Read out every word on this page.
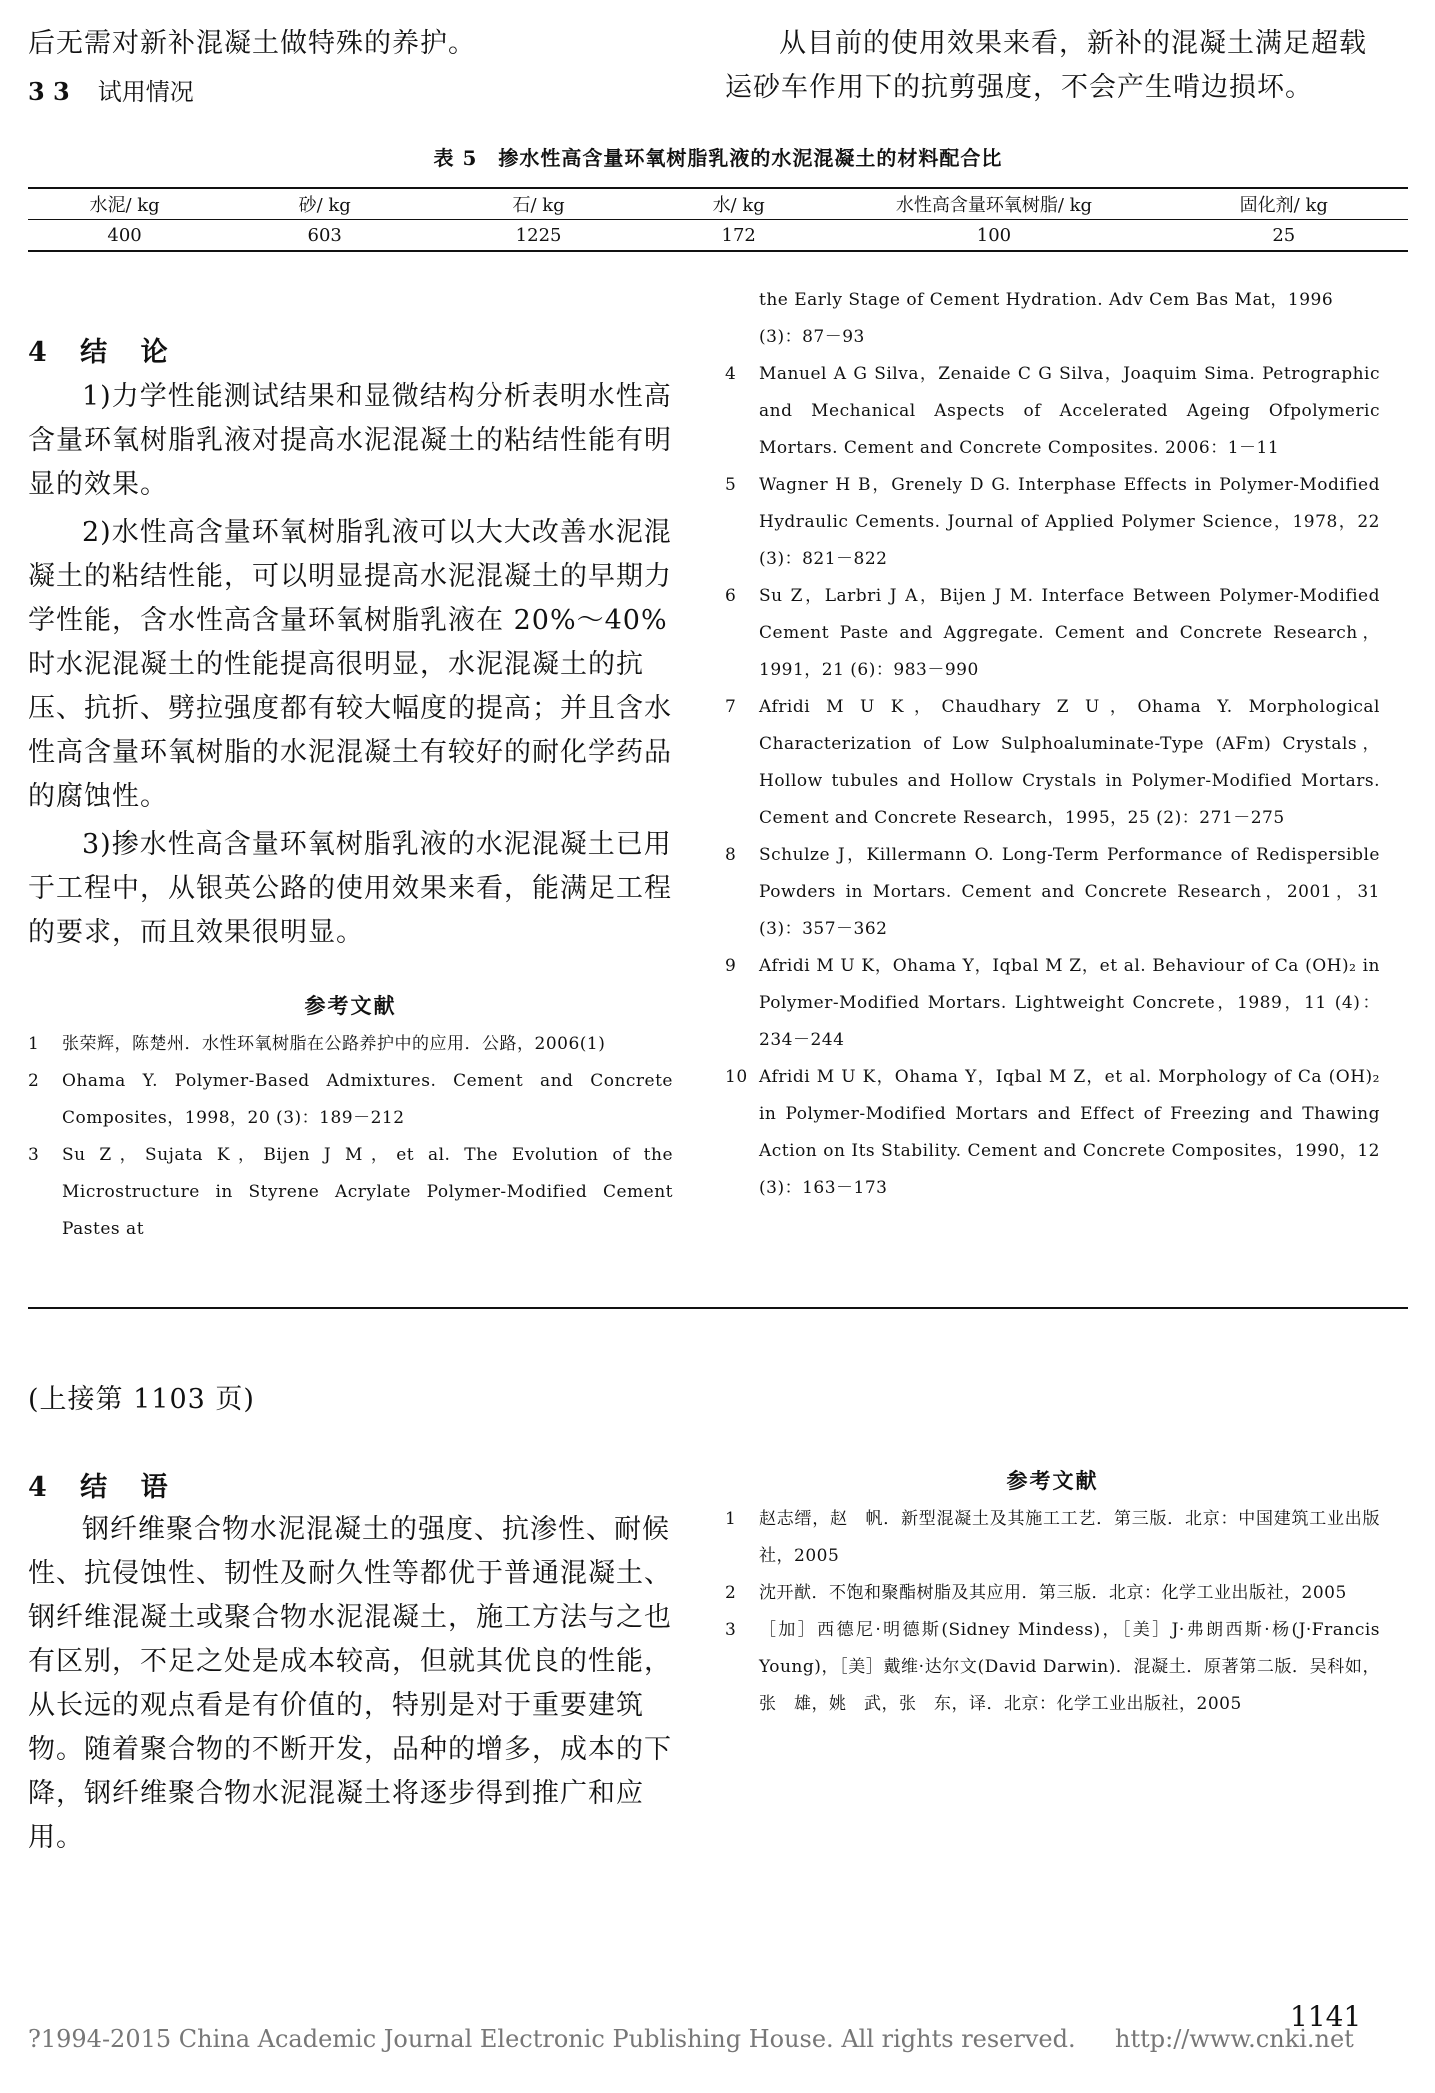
后无需对新补混凝土做特殊的养护。
3 3 试用情况
从目前的使用效果来看，新补的混凝土满足超载运砂车作用下的抗剪强度，不会产生啃边损坏。
表 5　掺水性高含量环氧树脂乳液的水泥混凝土的材料配合比
水泥/ kg	砂/ kg	石/ kg	水/ kg	水性高含量环氧树脂/ kg	固化剂/ kg
400	603	1225	172	100	25
4 结 论
1)力学性能测试结果和显微结构分析表明水性高含量环氧树脂乳液对提高水泥混凝土的粘结性能有明显的效果。
2)水性高含量环氧树脂乳液可以大大改善水泥混凝土的粘结性能，可以明显提高水泥混凝土的早期力学性能，含水性高含量环氧树脂乳液在 20%～40%时水泥混凝土的性能提高很明显，水泥混凝土的抗压、抗折、劈拉强度都有较大幅度的提高；并且含水性高含量环氧树脂的水泥混凝土有较好的耐化学药品的腐蚀性。
3)掺水性高含量环氧树脂乳液的水泥混凝土已用于工程中，从银英公路的使用效果来看，能满足工程的要求，而且效果很明显。
参考文献
1 张荣辉，陈楚州．水性环氧树脂在公路养护中的应用．公路，2006(1)
2 Ohama Y. Polymer-Based Admixtures. Cement and Concrete Composites，1998，20 (3)：189－212
3 Su Z，Sujata K，Bijen J M，et al. The Evolution of the Microstructure in Styrene Acrylate Polymer-Modified Cement Pastes at
the Early Stage of Cement Hydration. Adv Cem Bas Mat，1996 (3)：87－93
4 Manuel A G Silva，Zenaide C G Silva，Joaquim Sima. Petrographic and Mechanical Aspects of Accelerated Ageing Ofpolymeric Mortars. Cement and Concrete Composites. 2006：1－11
5 Wagner H B，Grenely D G. Interphase Effects in Polymer-Modified Hydraulic Cements. Journal of Applied Polymer Science，1978，22 (3)：821－822
6 Su Z，Larbri J A，Bijen J M. Interface Between Polymer-Modified Cement Paste and Aggregate. Cement and Concrete Research，1991，21 (6)：983－990
7 Afridi M U K，Chaudhary Z U，Ohama Y. Morphological Characterization of Low Sulphoaluminate-Type (AFm) Crystals，Hollow tubules and Hollow Crystals in Polymer-Modified Mortars. Cement and Concrete Research，1995，25 (2)：271－275
8 Schulze J，Killermann O. Long-Term Performance of Redispersible Powders in Mortars. Cement and Concrete Research，2001，31 (3)：357－362
9 Afridi M U K，Ohama Y，Iqbal M Z，et al. Behaviour of Ca (OH)₂ in Polymer-Modified Mortars. Lightweight Concrete，1989，11 (4)：234－244
10 Afridi M U K，Ohama Y，Iqbal M Z，et al. Morphology of Ca (OH)₂ in Polymer-Modified Mortars and Effect of Freezing and Thawing Action on Its Stability. Cement and Concrete Composites，1990，12 (3)：163－173
(上接第 1103 页)
4 结 语
钢纤维聚合物水泥混凝土的强度、抗渗性、耐候性、抗侵蚀性、韧性及耐久性等都优于普通混凝土、钢纤维混凝土或聚合物水泥混凝土，施工方法与之也有区别，不足之处是成本较高，但就其优良的性能，从长远的观点看是有价值的，特别是对于重要建筑物。随着聚合物的不断开发，品种的增多，成本的下降，钢纤维聚合物水泥混凝土将逐步得到推广和应用。
参考文献
1 赵志缙，赵　帆．新型混凝土及其施工工艺．第三版．北京：中国建筑工业出版社，2005
2 沈开猷．不饱和聚酯树脂及其应用．第三版．北京：化学工业出版社，2005
3 ［加］西德尼·明德斯(Sidney Mindess)，［美］J·弗朗西斯·杨(J·Francis Young)，［美］戴维·达尔文(David Darwin)．混凝土．原著第二版．吴科如，张　雄，姚　武，张　东，译．北京：化学工业出版社，2005
1141
?1994-2015 China Academic Journal Electronic Publishing House. All rights reserved. http://www.cnki.net
